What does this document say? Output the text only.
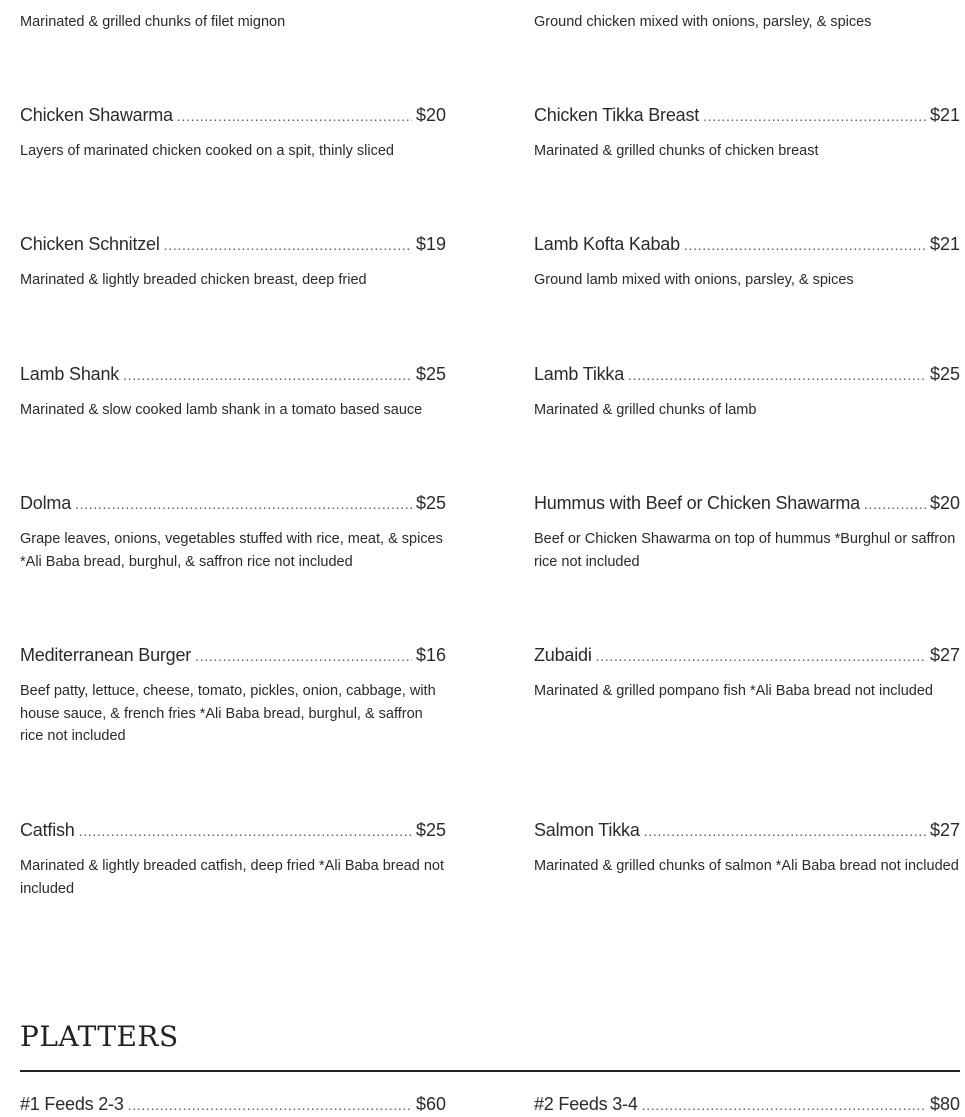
Marinated & grilled chunks of filet mignon	Ground chicken mixed with onions, parsley, & spices
Chicken Shawarma . . .	$20
Layers of marinated chicken cooked on a spit, thinly sliced
Chicken Tikka Breast . . .	$21
Marinated & grilled chunks of chicken breast
Chicken Schnitzel . . .	$19
Marinated & lightly breaded chicken breast, deep fried
Lamb Kofta Kabab . . .	$21
Ground lamb mixed with onions, parsley, & spices
Lamb Shank . . .	$25
Marinated & slow cooked lamb shank in a tomato based sauce
Lamb Tikka . . .	$25
Marinated & grilled chunks of lamb
Dolma . . .	$25
Grape leaves, onions, vegetables stuffed with rice, meat, & spices *Ali Baba bread, burghul, & saffron rice not included
Hummus with Beef or Chicken Shawarma . . .	$20
Beef or Chicken Shawarma on top of hummus *Burghul or saffron rice not included
Mediterranean Burger . . .	$16
Beef patty, lettuce, cheese, tomato, pickles, onion, cabbage, with house sauce, & french fries *Ali Baba bread, burghul, & saffron rice not included
Zubaidi . . .	$27
Marinated & grilled pompano fish *Ali Baba bread not included
Catfish . . .	$25
Marinated & lightly breaded catfish, deep fried *Ali Baba bread not included
Salmon Tikka . . .	$27
Marinated & grilled chunks of salmon *Ali Baba bread not included
PLATTERS
#1 Feeds 2-3 . . .	$60	#2 Feeds 3-4 . . .	$80
